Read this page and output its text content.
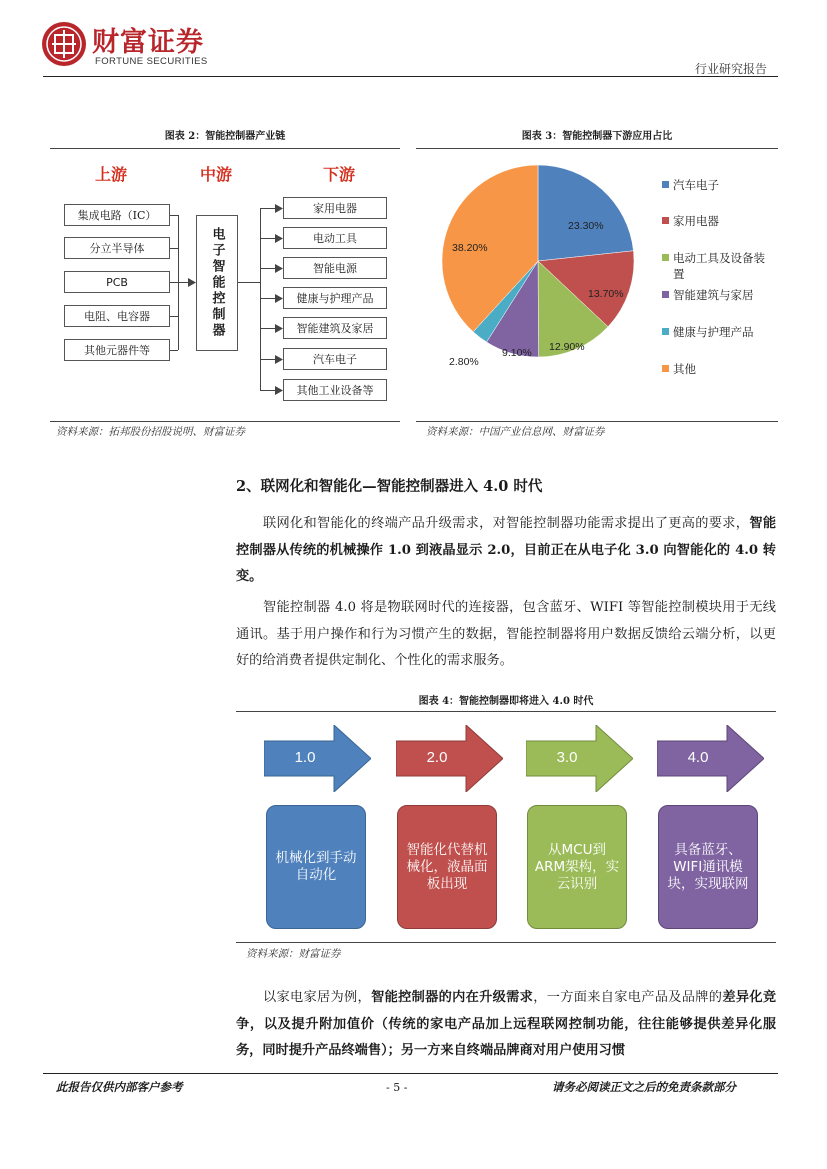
财富证券
FORTUNE SECURITIES
行业研究报告
图表 2：智能控制器产业链
上游	中游	下游
集成电路（IC）
分立半导体
PCB
电阻、电容器
其他元器件等
电子智能控制器
家用电器
电动工具
智能电源
健康与护理产品
智能建筑及家居
汽车电子
其他工业设备等
资料来源：拓邦股份招股说明、财富证券
图表 3：智能控制器下游应用占比
23.30%
13.70%
12.90%
9.10%
2.80%
38.20%
汽车电子
家用电器
电动工具及设备装置
智能建筑与家居
健康与护理产品
其他
资料来源：中国产业信息网、财富证券
2、联网化和智能化—智能控制器进入 4.0 时代
联网化和智能化的终端产品升级需求，对智能控制器功能需求提出了更高的要求，智能控制器从传统的机械操作 1.0 到液晶显示 2.0，目前正在从电子化 3.0 向智能化的 4.0 转变。
智能控制器 4.0 将是物联网时代的连接器，包含蓝牙、WIFI 等智能控制模块用于无线通讯。基于用户操作和行为习惯产生的数据，智能控制器将用户数据反馈给云端分析，以更好的给消费者提供定制化、个性化的需求服务。
图表 4：智能控制器即将进入 4.0 时代
1.0	2.0	3.0	4.0
机械化到手动自动化
智能化代替机械化，液晶面板出现
从MCU到ARM架构，实云识别
具备蓝牙、WIFI通讯模块，实现联网
资料来源：财富证券
以家电家居为例，智能控制器的内在升级需求，一方面来自家电产品及品牌的差异化竞争，以及提升附加值价（传统的家电产品加上远程联网控制功能，往往能够提供差异化服务，同时提升产品终端售）；另一方来自终端品牌商对用户使用习惯
此报告仅供内部客户参考	- 5 -	请务必阅读正文之后的免责条款部分
